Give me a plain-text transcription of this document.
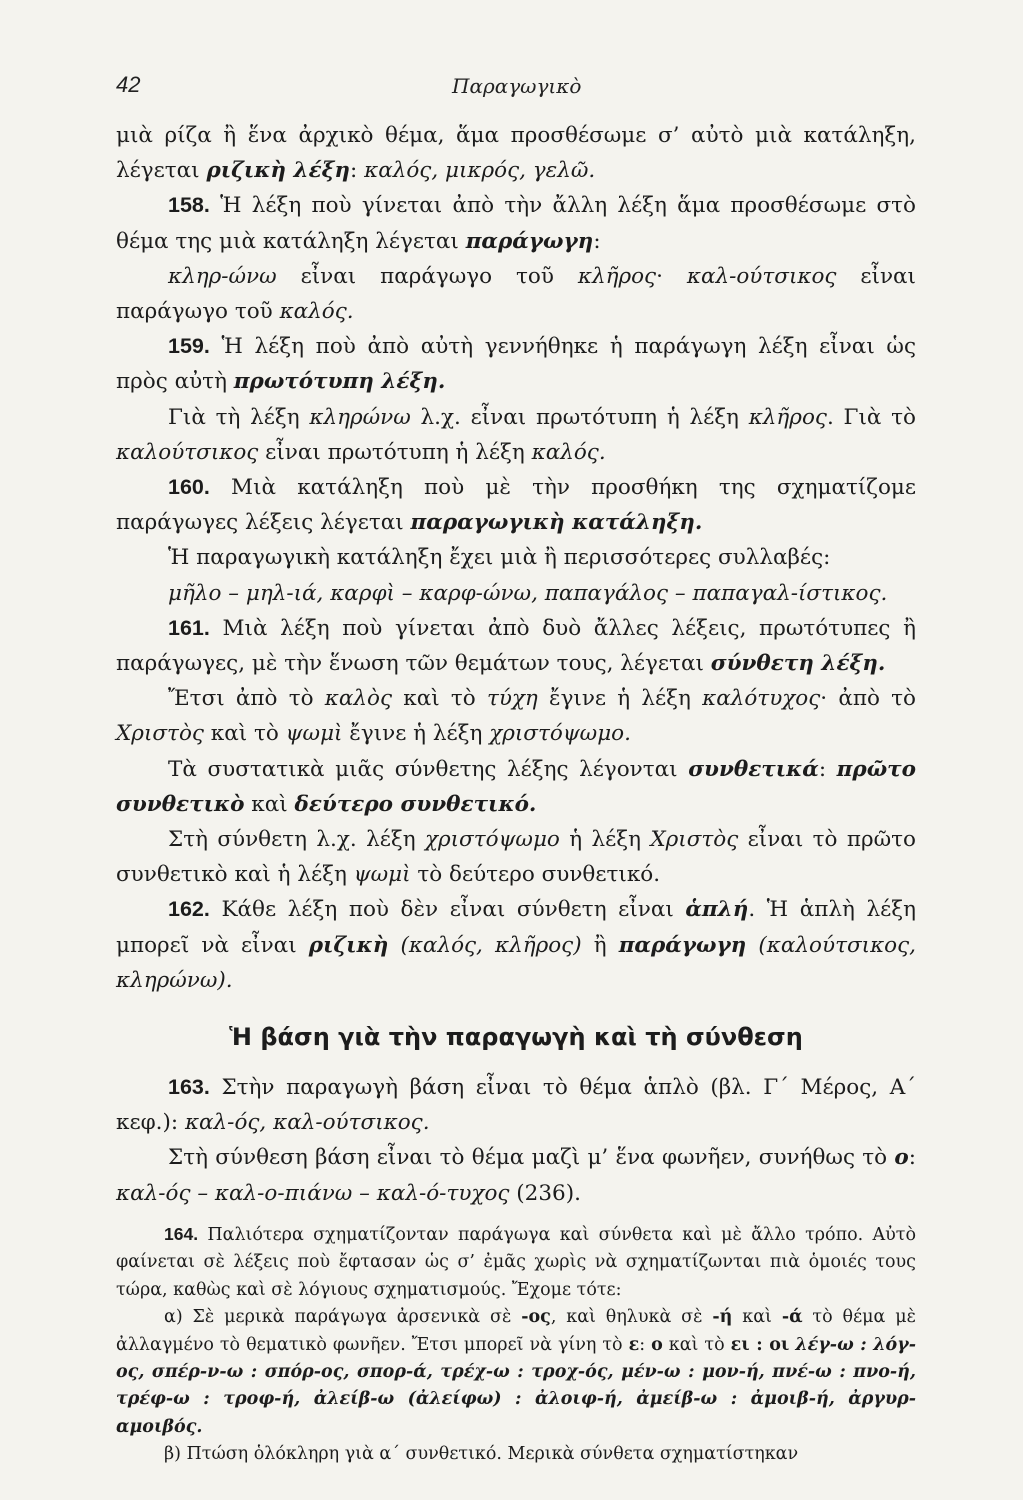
42	Παραγωγικὸ

μιὰ ρίζα ἢ ἕνα ἀρχικὸ θέμα, ἅμα προσθέσωμε σ’ αὐτὸ μιὰ κατάληξη, λέγεται ριζικὴ λέξη: καλός, μικρός, γελῶ.

158. Ἡ λέξη ποὺ γίνεται ἀπὸ τὴν ἄλλη λέξη ἅμα προσθέσωμε στὸ θέμα της μιὰ κατάληξη λέγεται παράγωγη:

κληρ-ώνω εἶναι παράγωγο τοῦ κλῆρος· καλ-ούτσικος εἶναι παράγωγο τοῦ καλός.

159. Ἡ λέξη ποὺ ἀπὸ αὐτὴ γεννήθηκε ἡ παράγωγη λέξη εἶναι ὡς πρὸς αὐτὴ πρωτότυπη λέξη.

Γιὰ τὴ λέξη κληρώνω λ.χ. εἶναι πρωτότυπη ἡ λέξη κλῆρος. Γιὰ τὸ καλούτσικος εἶναι πρωτότυπη ἡ λέξη καλός.

160. Μιὰ κατάληξη ποὺ μὲ τὴν προσθήκη της σχηματίζομε παράγωγες λέξεις λέγεται παραγωγικὴ κατάληξη.

Ἡ παραγωγικὴ κατάληξη ἔχει μιὰ ἢ περισσότερες συλλαβές:

μῆλο – μηλ-ιά, καρφὶ – καρφ-ώνω, παπαγάλος – παπαγαλ-ίστικος.

161. Μιὰ λέξη ποὺ γίνεται ἀπὸ δυὸ ἄλλες λέξεις, πρωτότυπες ἢ παράγωγες, μὲ τὴν ἕνωση τῶν θεμάτων τους, λέγεται σύνθετη λέξη.

Ἔτσι ἀπὸ τὸ καλὸς καὶ τὸ τύχη ἔγινε ἡ λέξη καλότυχος· ἀπὸ τὸ Χριστὸς καὶ τὸ ψωμὶ ἔγινε ἡ λέξη χριστόψωμο.

Τὰ συστατικὰ μιᾶς σύνθετης λέξης λέγονται συνθετικά: πρῶτο συνθετικὸ καὶ δεύτερο συνθετικό.

Στὴ σύνθετη λ.χ. λέξη χριστόψωμο ἡ λέξη Χριστὸς εἶναι τὸ πρῶτο συνθετικὸ καὶ ἡ λέξη ψωμὶ τὸ δεύτερο συνθετικό.

162. Κάθε λέξη ποὺ δὲν εἶναι σύνθετη εἶναι ἁπλή. Ἡ ἁπλὴ λέξη μπορεῖ νὰ εἶναι ριζικὴ (καλός, κλῆρος) ἢ παράγωγη (καλούτσικος, κληρώνω).

Ἡ βάση γιὰ τὴν παραγωγὴ καὶ τὴ σύνθεση

163. Στὴν παραγωγὴ βάση εἶναι τὸ θέμα ἁπλὸ (βλ. Γ΄ Μέρος, Α΄ κεφ.): καλ-ός, καλ-ούτσικος.

Στὴ σύνθεση βάση εἶναι τὸ θέμα μαζὶ μ’ ἕνα φωνῆεν, συνήθως τὸ ο: καλ-ός – καλ-ο-πιάνω – καλ-ό-τυχος (236).

164. Παλιότερα σχηματίζονταν παράγωγα καὶ σύνθετα καὶ μὲ ἄλλο τρόπο. Αὐτὸ φαίνεται σὲ λέξεις ποὺ ἔφτασαν ὡς σ’ ἐμᾶς χωρὶς νὰ σχηματίζωνται πιὰ ὁμοιές τους τώρα, καθὼς καὶ σὲ λόγιους σχηματισμούς. Ἔχομε τότε:

α) Σὲ μερικὰ παράγωγα ἀρσενικὰ σὲ -ος, καὶ θηλυκὰ σὲ -ή καὶ -ά τὸ θέμα μὲ ἀλλαγμένο τὸ θεματικὸ φωνῆεν. Ἔτσι μπορεῖ νὰ γίνη τὸ ε: ο καὶ τὸ ει : οι λέγ-ω : λόγ-ος, σπέρ-ν-ω : σπόρ-ος, σπορ-ά, τρέχ-ω : τροχ-ός, μέν-ω : μον-ή, πνέ-ω : πνο-ή, τρέφ-ω : τροφ-ή, ἀλείβ-ω (ἀλείφω) : ἀλοιφ-ή, ἀμείβ-ω : ἀμοιβ-ή, ἀργυρ-αμοιβός.

β) Πτώση ὁλόκληρη γιὰ α΄ συνθετικό. Μερικὰ σύνθετα σχηματίστηκαν
